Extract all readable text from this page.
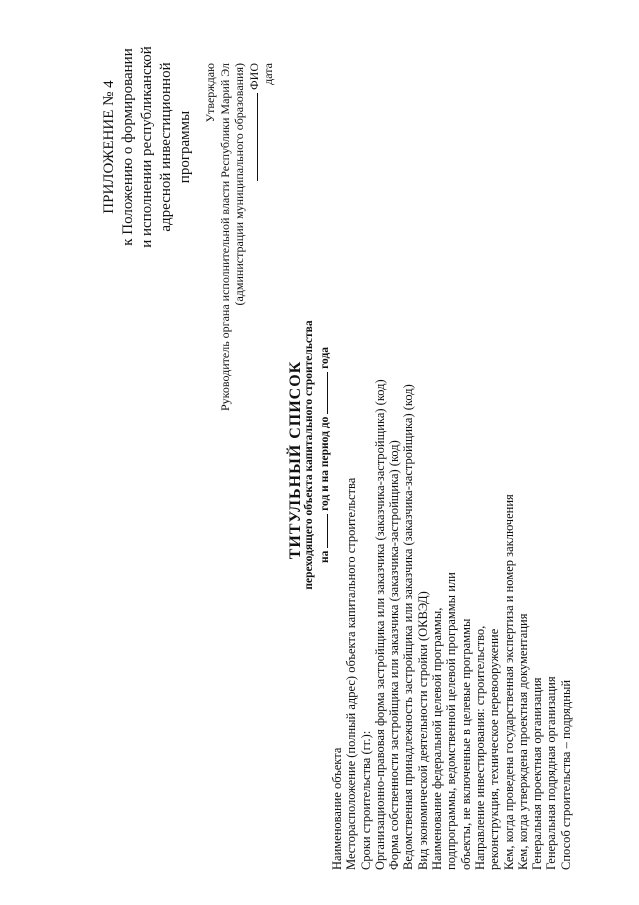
ПРИЛОЖЕНИЕ № 4 к Положению о формировании и исполнении республиканской адресной инвестиционной программы
Утверждаю Руководитель органа исполнительной власти Республики Марий Эл (администрации муниципального образования) ФИО дата
ТИТУЛЬНЫЙ СПИСОК переходящего объекта капитального строительства на  год и на период до  года
Наименование объекта Месторасположение (полный адрес) объекта капитального строительства Сроки строительства (гг.): Организационно-правовая форма застройщика или заказчика (заказчика-застройщика) (код) Форма собственности застройщика или заказчика (заказчика-застройщика) (код) Ведомственная принадлежность застройщика или заказчика (заказчика-застройщика) (код) Вид экономической деятельности стройки (ОКВЭД) Наименование федеральной целевой программы, подпрограммы, ведомственной целевой программы или объекты, не включенные в целевые программы Направление инвестирования: строительство, реконструкция, техническое перевооружение Кем, когда проведена государственная экспертиза и номер заключения Кем, когда утверждена проектная документация Генеральная проектная организация Генеральная подрядная организация Способ строительства – подрядный
